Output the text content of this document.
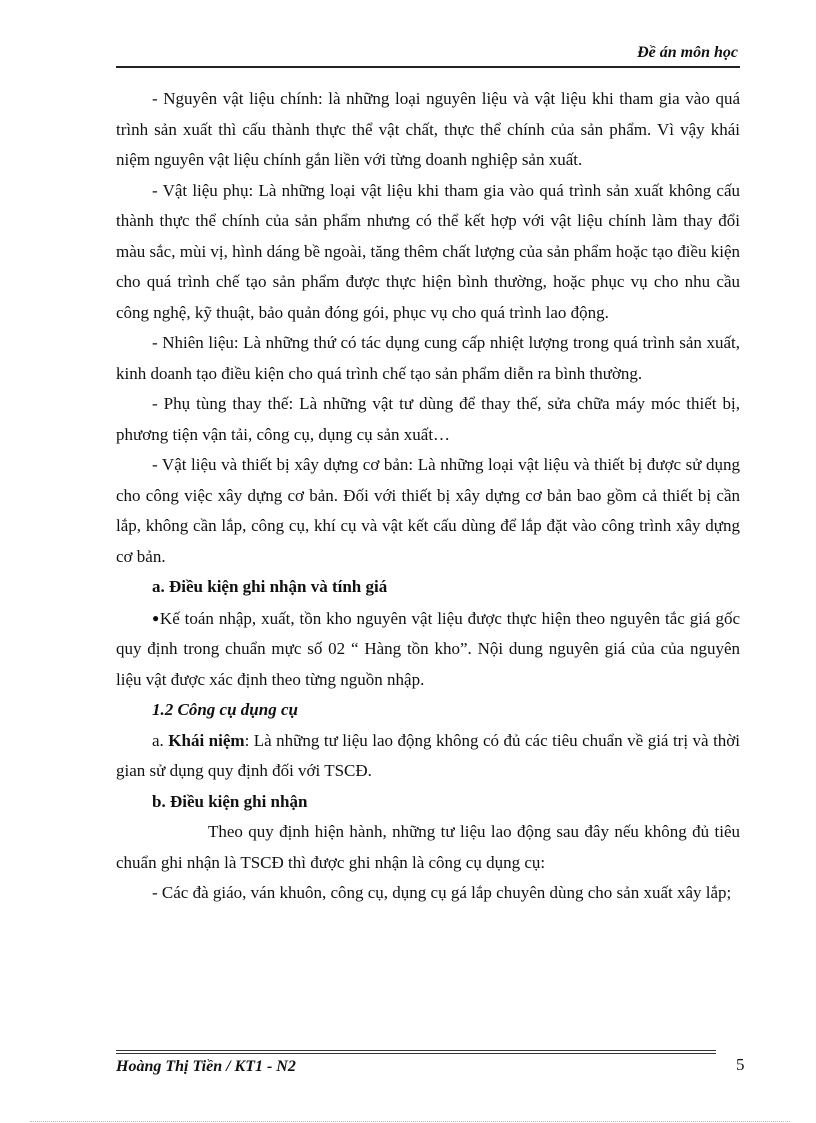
Đề án môn học

- Nguyên vật liệu chính: là những loại nguyên liệu và vật liệu khi tham gia vào quá trình sản xuất thì cấu thành thực thể vật chất, thực thể chính của sản phẩm. Vì vậy khái niệm nguyên vật liệu chính gắn liền với từng doanh nghiệp sản xuất.

- Vật liệu phụ: Là những loại vật liệu khi tham gia vào quá trình sản xuất không cấu thành thực thể chính của sản phẩm nhưng có thể kết hợp với vật liệu chính làm thay đổi màu sắc, mùi vị, hình dáng bề ngoài, tăng thêm chất lượng của sản phẩm hoặc tạo điều kiện cho quá trình chế tạo sản phẩm được thực hiện bình thường, hoặc phục vụ cho nhu cầu công nghệ, kỹ thuật, bảo quản đóng gói, phục vụ cho quá trình lao động.

- Nhiên liệu: Là những thứ có tác dụng cung cấp nhiệt lượng trong quá trình sản xuất, kinh doanh tạo điều kiện cho quá trình chế tạo sản phẩm diễn ra bình thường.

- Phụ tùng thay thế: Là những vật tư dùng để thay thế, sửa chữa máy móc thiết bị, phương tiện vận tải, công cụ, dụng cụ sản xuất…

- Vật liệu và thiết bị xây dựng cơ bản: Là những loại vật liệu và thiết bị được sử dụng cho công việc xây dựng cơ bản. Đối với thiết bị xây dựng cơ bản bao gồm cả thiết bị cần lắp, không cần lắp, công cụ, khí cụ và vật kết cấu dùng để lắp đặt vào công trình xây dựng cơ bản.

a. Điều kiện ghi nhận và tính giá

●Kế toán nhập, xuất, tồn kho nguyên vật liệu được thực hiện theo nguyên tắc giá gốc quy định trong chuẩn mực số 02 “ Hàng tồn kho”. Nội dung nguyên giá của của nguyên liệu vật được xác định theo từng nguồn nhập.

1.2 Công cụ dụng cụ

a. Khái niệm: Là những tư liệu lao động không có đủ các tiêu chuẩn về giá trị và thời gian sử dụng quy định đối với TSCĐ.

b. Điều kiện ghi nhận

Theo quy định hiện hành, những tư liệu lao động sau đây nếu không đủ tiêu chuẩn ghi nhận là TSCĐ thì được ghi nhận là công cụ dụng cụ:

- Các đà giáo, ván khuôn, công cụ, dụng cụ gá lắp chuyên dùng cho sản xuất xây lắp;

Hoàng Thị Tiền / KT1 - N2	5
